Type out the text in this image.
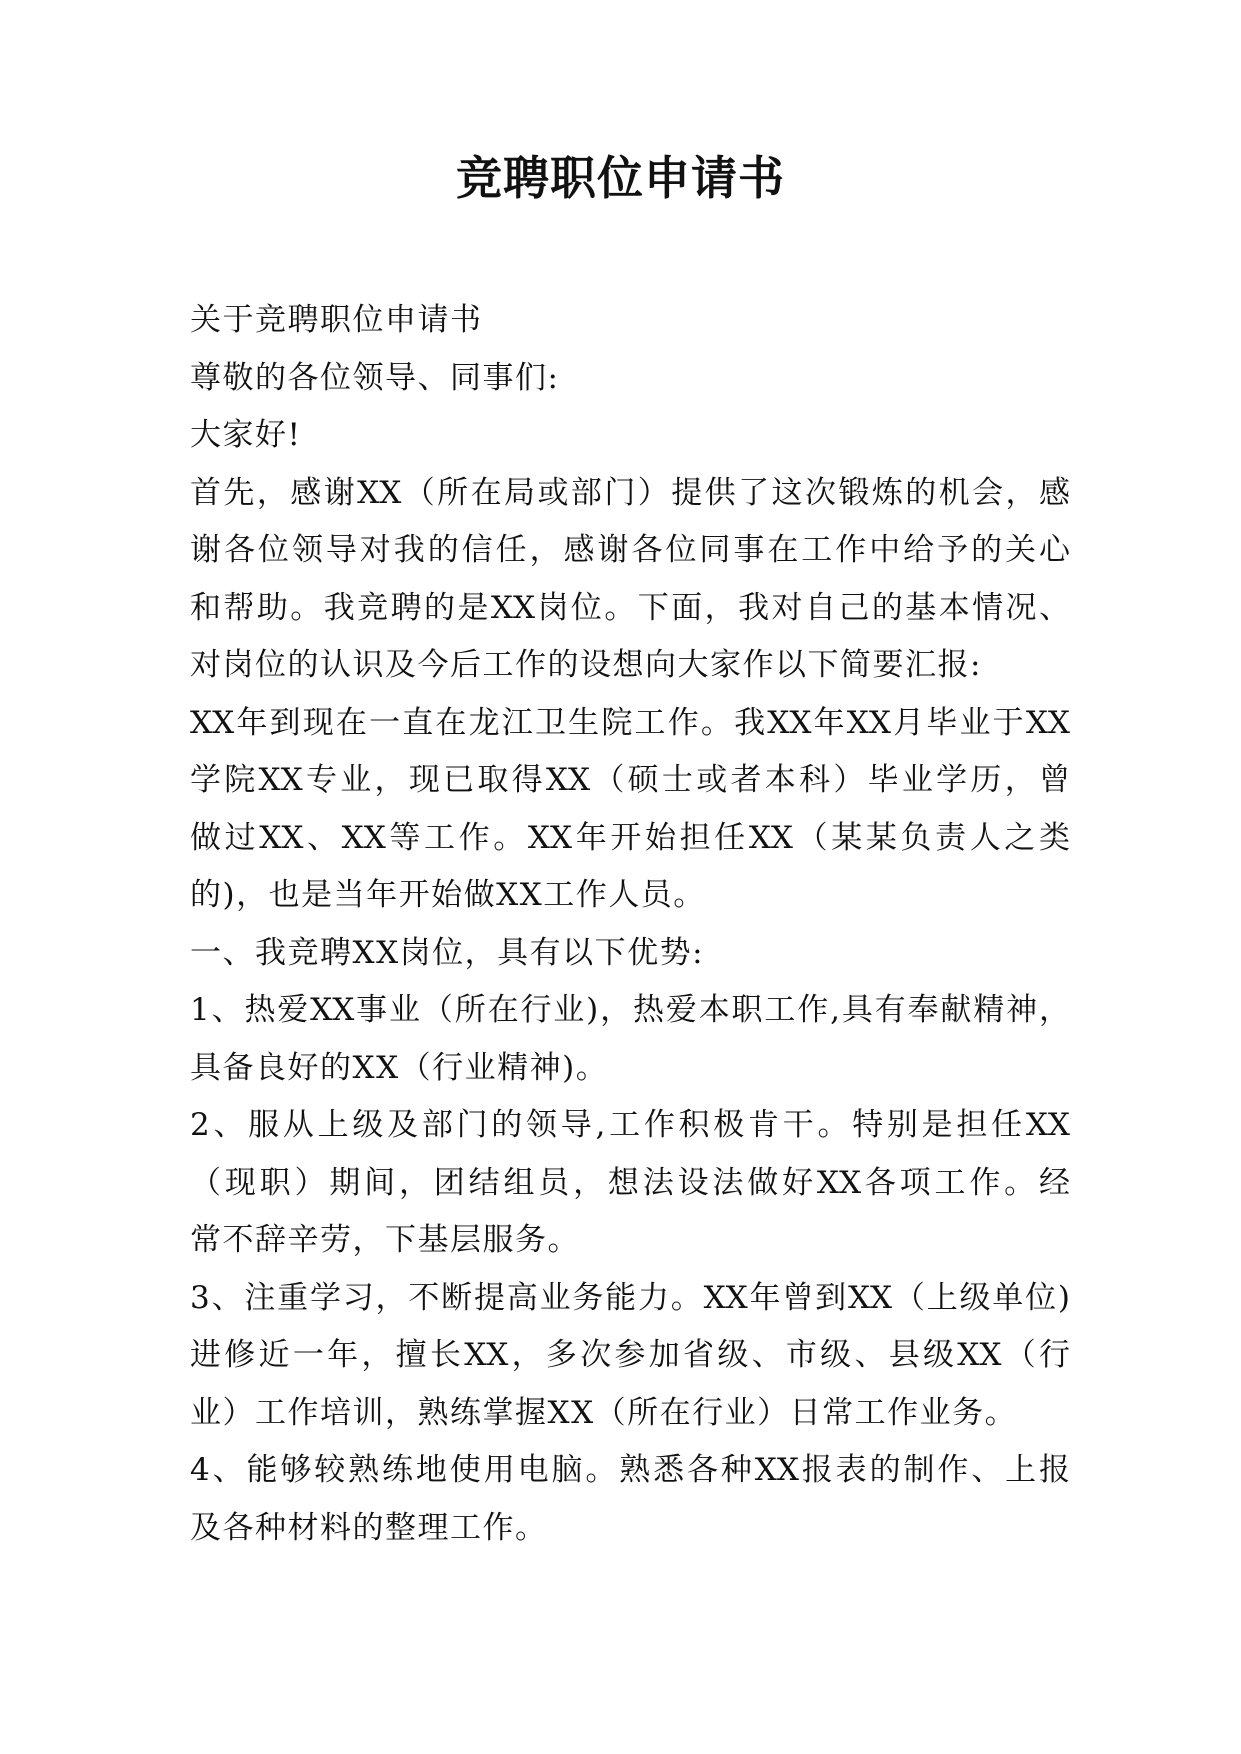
竞聘职位申请书
关于竞聘职位申请书
尊敬的各位领导、同事们:
大家好!
首先，感谢XX（所在局或部门）提供了这次锻炼的机会，感
谢各位领导对我的信任，感谢各位同事在工作中给予的关心
和帮助。我竞聘的是XX岗位。下面，我对自己的基本情况、
对岗位的认识及今后工作的设想向大家作以下简要汇报:
XX年到现在一直在龙江卫生院工作。我XX年XX月毕业于XX
学院XX专业，现已取得XX（硕士或者本科）毕业学历，曾
做过XX、XX等工作。XX年开始担任XX（某某负责人之类
的)，也是当年开始做XX工作人员。
一、我竞聘XX岗位，具有以下优势:
1、热爱XX事业（所在行业)，热爱本职工作,具有奉献精神，
具备良好的XX（行业精神)。
2、服从上级及部门的领导,工作积极肯干。特别是担任XX
（现职）期间，团结组员，想法设法做好XX各项工作。经
常不辞辛劳，下基层服务。
3、注重学习，不断提高业务能力。XX年曾到XX（上级单位)
进修近一年，擅长XX，多次参加省级、市级、县级XX（行
业）工作培训，熟练掌握XX（所在行业）日常工作业务。
4、能够较熟练地使用电脑。熟悉各种XX报表的制作、上报
及各种材料的整理工作。
